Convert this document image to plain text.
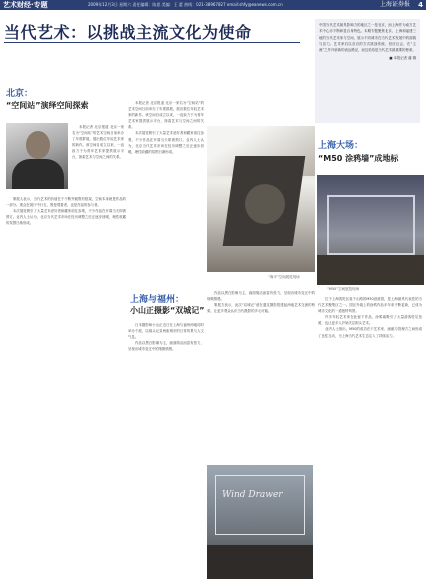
艺术财经·专题	2009年12月3日 星期六 责任编辑：陈思 美编：王 蕾 热线：021-38967827 email:shfy@eanews.com.cn	上海证券报 4
当代艺术：以挑战主流文化为使命	中国当代艺术最具影响力的地区之一是北京，而上海作为南方艺术中心亦不断彰显自身特色。本期专题聚焦北京、上海和福建三地的当代艺术家与空间，展示不同城市在当代艺术发展中的面貌与活力。艺术家们以各自的方式挑战传统、回应社会，在“主流”之外开辟新的表达路径，而这恰恰是当代艺术最重要的使命。
■ 本报记者 潘 娜
北京：
“空间站”演绎空间探索

本报记者 北京报道 北京一家名为“空间站”的艺术空间日前举办了年度群展，展出数位年轻艺术家的新作。该空间自成立以来，一直致力于为青年艺术家提供展示平台，探索艺术与空间之间的关系。

策展人表示，当代艺术的价值在于不断突破既有框架，空间本身就是作品的一部分。观众在展厅中行走，既是观看者，也是作品的参与者。

本次展览吸引了大量艺术爱好者和藏家前往参观，不少作品在开幕当天即被预订。业内人士认为，北京当代艺术市场在经历调整之后正逐步回暖，理性收藏的氛围日渐形成。

本报记者 北京报道 北京一家名为“空间站”的艺术空间日前举办了年度群展，展出数位年轻艺术家的新作。该空间自成立以来，一直致力于为青年艺术家提供展示平台，探索艺术与空间之间的关系。

本次展览吸引了大量艺术爱好者和藏家前往参观，不少作品在开幕当天即被预订。业内人士认为，北京当代艺术市场在经历调整之后正逐步回暖，理性收藏的氛围日渐形成。

“海平”空间展览现场
上海与福州：
小山正摄影“双城记”

日本摄影师小山正近日在上海与福州两地同时举办个展，以镜头记录两座城市的日常风景与人文气息。

作品以黑白影像为主，画面简洁而富有张力，呈现出城市变迁中的细微情感。

作品以黑白影像为主，画面简洁而富有张力，呈现出城市变迁中的细微情感。

策展方表示，此次“双城记”意在通过摄影搭建起两地艺术交流的桥梁，让更多观众认识当代摄影的多元可能。

Wind Drawer
上海大场：
“M50 涂鸦墙”成地标
“M50”空间展览现场

位于上海普陀区莫干山路的M50创意园，是上海最具代表性的当代艺术聚集区之一。园区外墙上的涂鸦作品多年来不断更新，已成为城市文化的一道独特风景。

许多年轻艺术家在此留下作品，涂鸦墙吸引了大量游客驻足拍照，也让更多人开始关注街头艺术。

业内人士指出，M50的成功在于艺术家、画廊与管理方之间形成了良性互动，为上海当代艺术生态注入了持续活力。
